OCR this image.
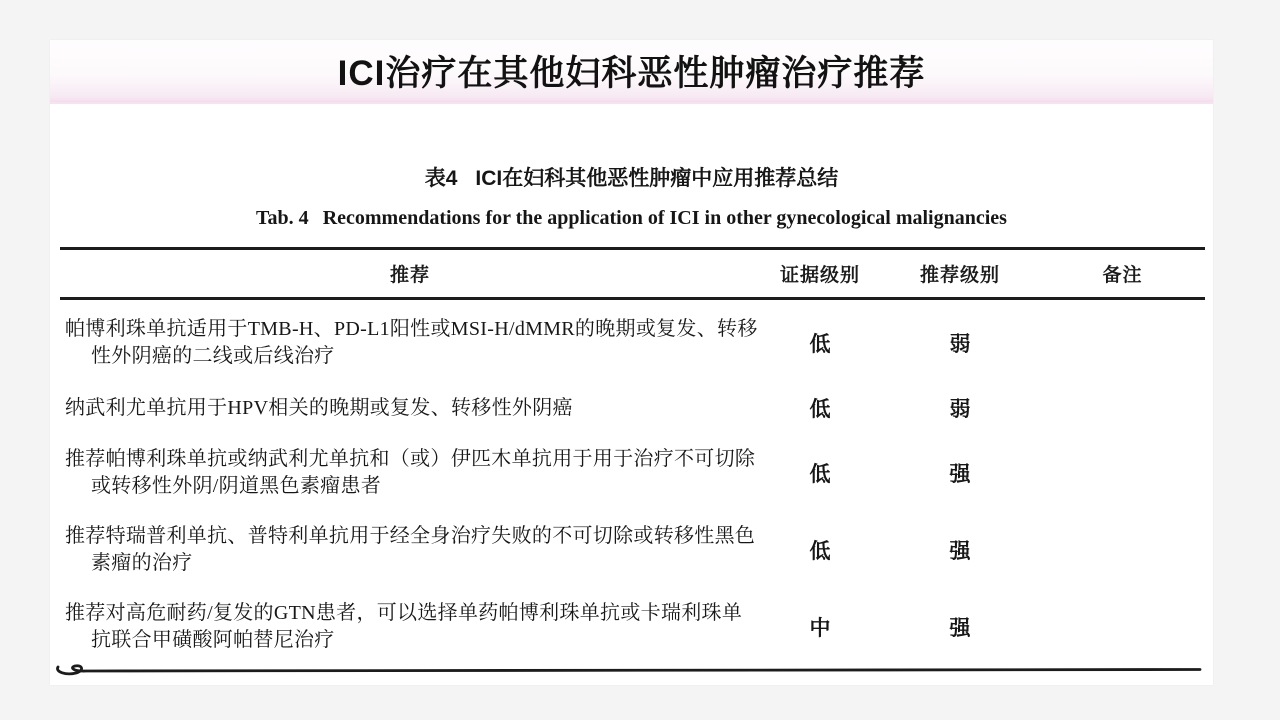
ICI治疗在其他妇科恶性肿瘤治疗推荐
表4 ICI在妇科其他恶性肿瘤中应用推荐总结
Tab. 4 Recommendations for the application of ICI in other gynecological malignancies
推荐	证据级别	推荐级别	备注
帕博利珠单抗适用于TMB-H、PD-L1阳性或MSI-H/dMMR的晚期或复发、转移性外阴癌的二线或后线治疗	低	弱
纳武利尤单抗用于HPV相关的晚期或复发、转移性外阴癌	低	弱
推荐帕博利珠单抗或纳武利尤单抗和（或）伊匹木单抗用于用于治疗不可切除或转移性外阴/阴道黑色素瘤患者	低	强
推荐特瑞普利单抗、普特利单抗用于经全身治疗失败的不可切除或转移性黑色素瘤的治疗	低	强
推荐对高危耐药/复发的GTN患者，可以选择单药帕博利珠单抗或卡瑞利珠单抗联合甲磺酸阿帕替尼治疗	中	强
